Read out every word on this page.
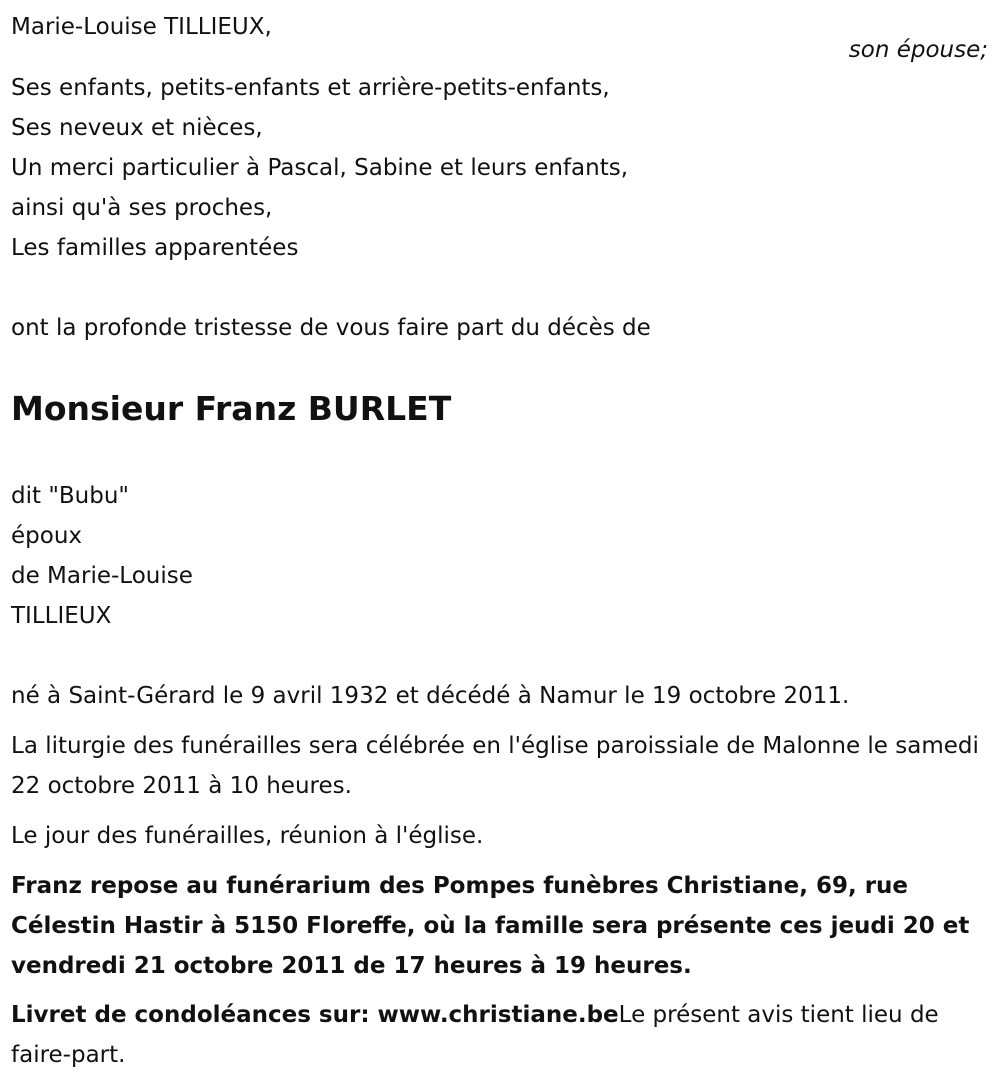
Marie-Louise TILLIEUX,
son épouse;
Ses enfants, petits-enfants et arrière-petits-enfants,
Ses neveux et nièces,
Un merci particulier à Pascal, Sabine et leurs enfants,
ainsi qu'à ses proches,
Les familles apparentées
ont la profonde tristesse de vous faire part du décès de
Monsieur Franz BURLET
dit "Bubu"
époux
de Marie-Louise
TILLIEUX
né à Saint-Gérard le 9 avril 1932 et décédé à Namur le 19 octobre 2011.
La liturgie des funérailles sera célébrée en l'église paroissiale de Malonne le samedi 22 octobre 2011 à 10 heures.
Le jour des funérailles, réunion à l'église.
Franz repose au funérarium des Pompes funèbres Christiane, 69, rue Célestin Hastir à 5150 Floreffe, où la famille sera présente ces jeudi 20 et vendredi 21 octobre 2011 de 17 heures à 19 heures.
Livret de condoléances sur: www.christiane.beLe présent avis tient lieu de faire-part.
